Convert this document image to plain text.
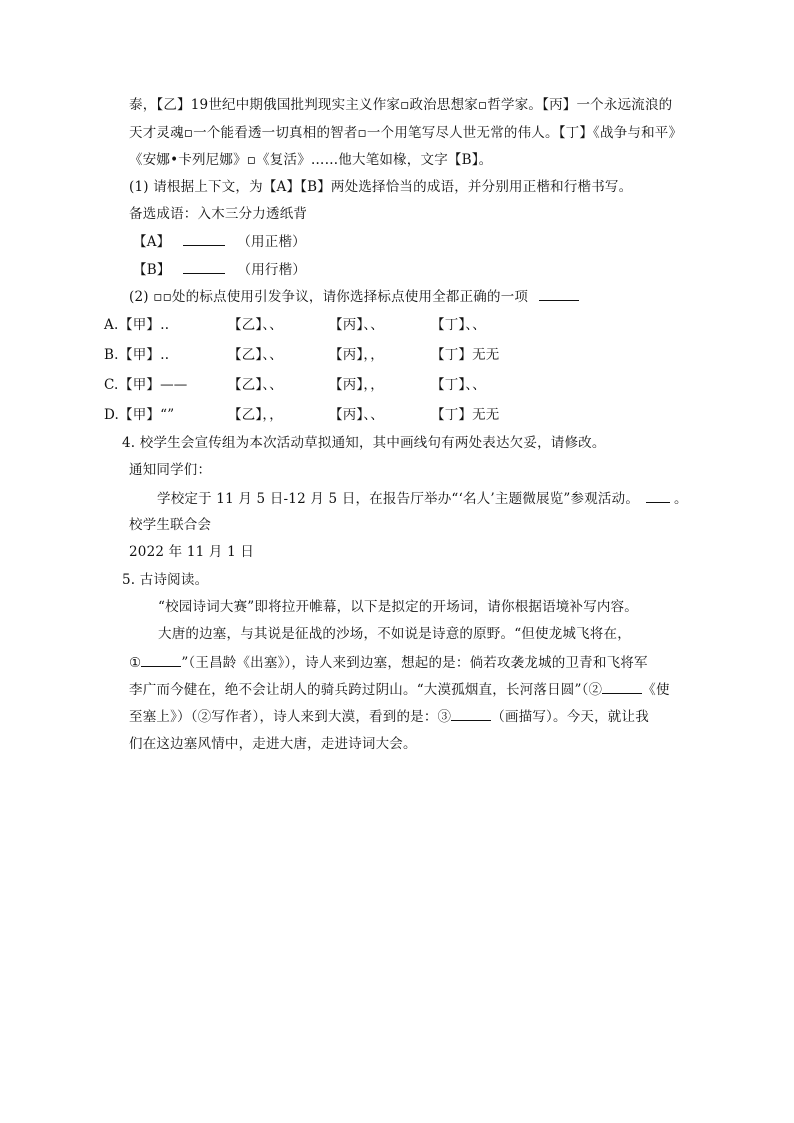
泰，【乙】19世纪中期俄国批判现实主义作家▫政治思想家▫哲学家。【丙】一个永远流浪的
天才灵魂▫一个能看透一切真相的智者▫一个用笔写尽人世无常的伟人。【丁】《战争与和平》
《安娜•卡列尼娜》▫《复活》……他大笔如椽，文字【B】。
(1) 请根据上下文，为【A】【B】两处选择恰当的成语，并分别用正楷和行楷书写。
备选成语：入木三分力透纸背
【A】	（用正楷）
【B】	（用行楷）
(2) ▫▫处的标点使用引发争议，请你选择标点使用全都正确的一项
A. 【甲】‥	【乙】、、	【丙】、、	【丁】、、
B. 【甲】‥	【乙】、、	【丙】，，	【丁】无无
C. 【甲】——	【乙】、、	【丙】，，	【丁】、、
D. 【甲】“”	【乙】，，	【丙】、、	【丁】无无
4. 校学生会宣传组为本次活动草拟通知，其中画线句有两处表达欠妥，请修改。
通知同学们：
学校定于 11 月 5 日-12 月 5 日，在报告厅举办“‘名人’主题微展览”参观活动。	。
校学生联合会
2022 年 11 月 1 日
5. 古诗阅读。
“校园诗词大赛”即将拉开帷幕，以下是拟定的开场词，请你根据语境补写内容。
大唐的边塞，与其说是征战的沙场，不如说是诗意的原野。“但使龙城飞将在，
①	”（王昌龄《出塞》），诗人来到边塞，想起的是：倘若攻袭龙城的卫青和飞将军
李广而今健在，绝不会让胡人的骑兵跨过阴山。“大漠孤烟直，长河落日圆”（②	《使
至塞上》）（②写作者），诗人来到大漠，看到的是：③	（画描写）。今天，就让我
们在这边塞风情中，走进大唐，走进诗词大会。
